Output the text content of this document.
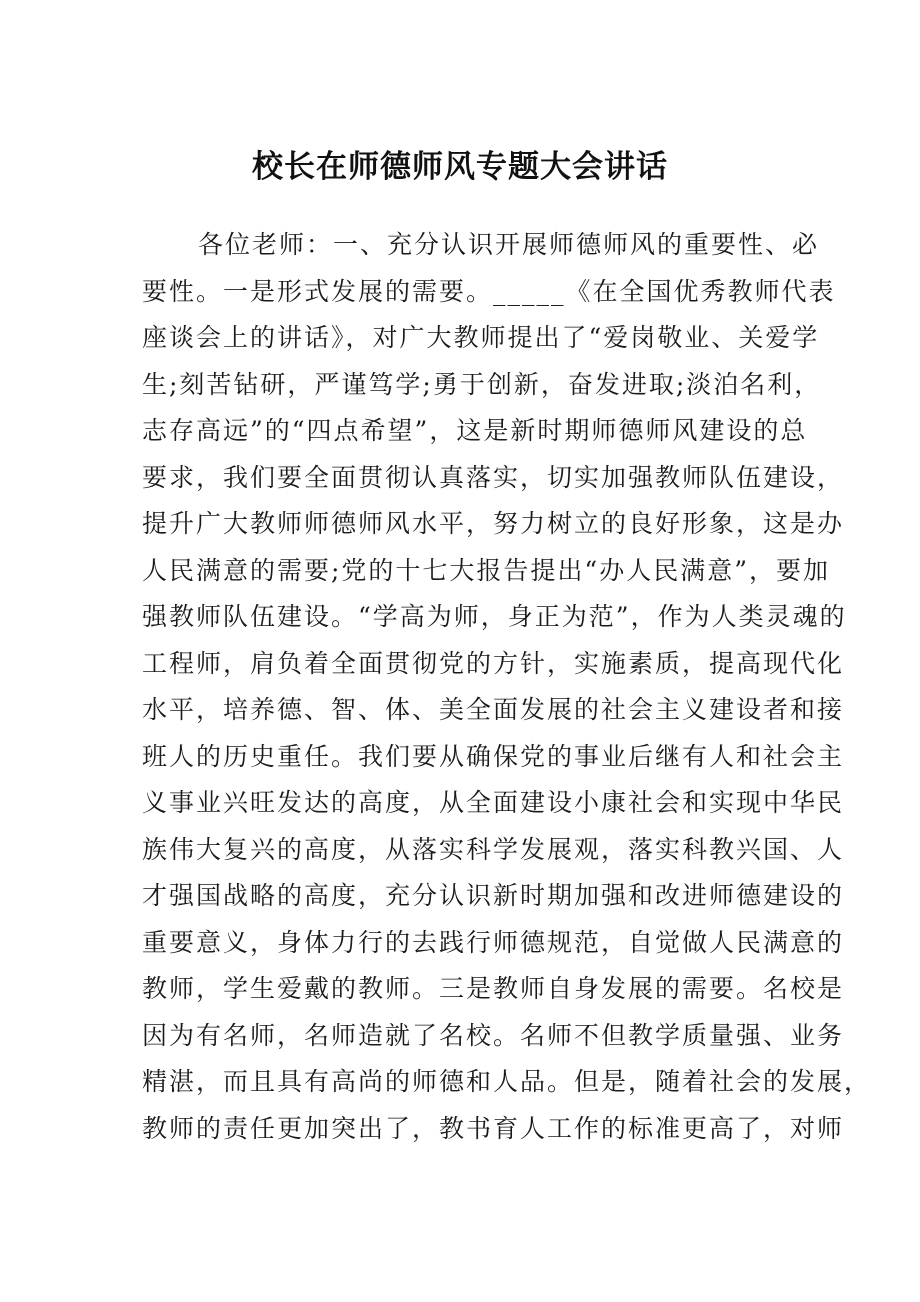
校长在师德师风专题大会讲话
各位老师：一、充分认识开展师德师风的重要性、必
要性。一是形式发展的需要。_____《在全国优秀教师代表
座谈会上的讲话》，对广大教师提出了“爱岗敬业、关爱学
生;刻苦钻研，严谨笃学;勇于创新，奋发进取;淡泊名利，
志存高远”的“四点希望”，这是新时期师德师风建设的总
要求，我们要全面贯彻认真落实，切实加强教师队伍建设，
提升广大教师师德师风水平，努力树立的良好形象，这是办
人民满意的需要;党的十七大报告提出“办人民满意”，要加
强教师队伍建设。“学高为师，身正为范”，作为人类灵魂的
工程师，肩负着全面贯彻党的方针，实施素质，提高现代化
水平，培养德、智、体、美全面发展的社会主义建设者和接
班人的历史重任。我们要从确保党的事业后继有人和社会主
义事业兴旺发达的高度，从全面建设小康社会和实现中华民
族伟大复兴的高度，从落实科学发展观，落实科教兴国、人
才强国战略的高度，充分认识新时期加强和改进师德建设的
重要意义，身体力行的去践行师德规范，自觉做人民满意的
教师，学生爱戴的教师。三是教师自身发展的需要。名校是
因为有名师，名师造就了名校。名师不但教学质量强、业务
精湛，而且具有高尚的师德和人品。但是，随着社会的发展，
教师的责任更加突出了，教书育人工作的标准更高了，对师
